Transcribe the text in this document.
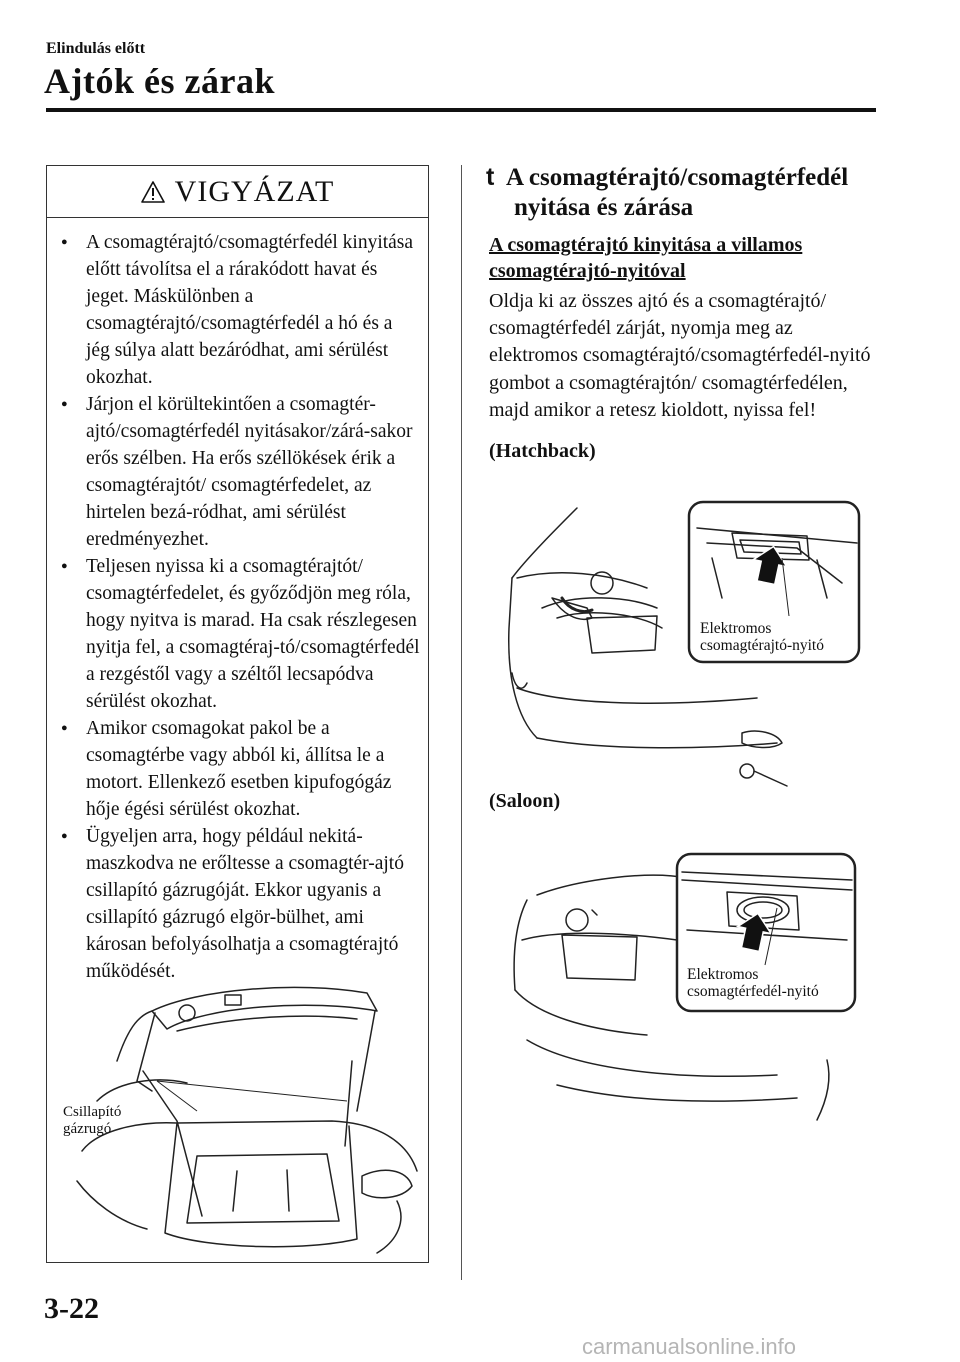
Elindulás előtt
Ajtók és zárak
VIGYÁZAT
● A csomagtérajtó/csomagtérfedél kinyitása előtt távolítsa el a rárakódott havat és jeget. Máskülönben a csomagtérajtó/csomagtérfedél a hó és a jég súlya alatt bezáródhat, ami sérülést okozhat.
● Járjon el körültekintően a csomagtér-ajtó/csomagtérfedél nyitásakor/zárá-sakor erős szélben. Ha erős széllökések érik a csomagtérajtót/ csomagtérfedelet, az hirtelen bezá-ródhat, ami sérülést eredményezhet.
● Teljesen nyissa ki a csomagtérajtót/ csomagtérfedelet, és győződjön meg róla, hogy nyitva is marad. Ha csak részlegesen nyitja fel, a csomagtéraj-tó/csomagtérfedél a rezgéstől vagy a széltől lecsapódva sérülést okozhat.
● Amikor csomagokat pakol be a csomagtérbe vagy abból ki, állítsa le a motort. Ellenkező esetben kipufogógáz hője égési sérülést okozhat.
● Ügyeljen arra, hogy például nekitá-maszkodva ne erőltesse a csomagtér-ajtó csillapító gázrugóját. Ekkor ugyanis a csillapító gázrugó elgör-bülhet, ami károsan befolyásolhatja a csomagtérajtó működését.
Csillapító
gázrugó
t A csomagtérajtó/csomagtérfedél
nyitása és zárása
A csomagtérajtó kinyitása a villamos
csomagtérajtó-nyitóval
Oldja ki az összes ajtó és a csomagtérajtó/ csomagtérfedél zárját, nyomja meg az elektromos csomagtérajtó/csomagtérfedél-nyitó gombot a csomagtérajtón/ csomagtérfedélen, majd amikor a retesz kioldott, nyissa fel!
(Hatchback)
Elektromos
csomagtérajtó-nyitó
(Saloon)
Elektromos
csomagtérfedél-nyitó
3-22
carmanualsonline.info
